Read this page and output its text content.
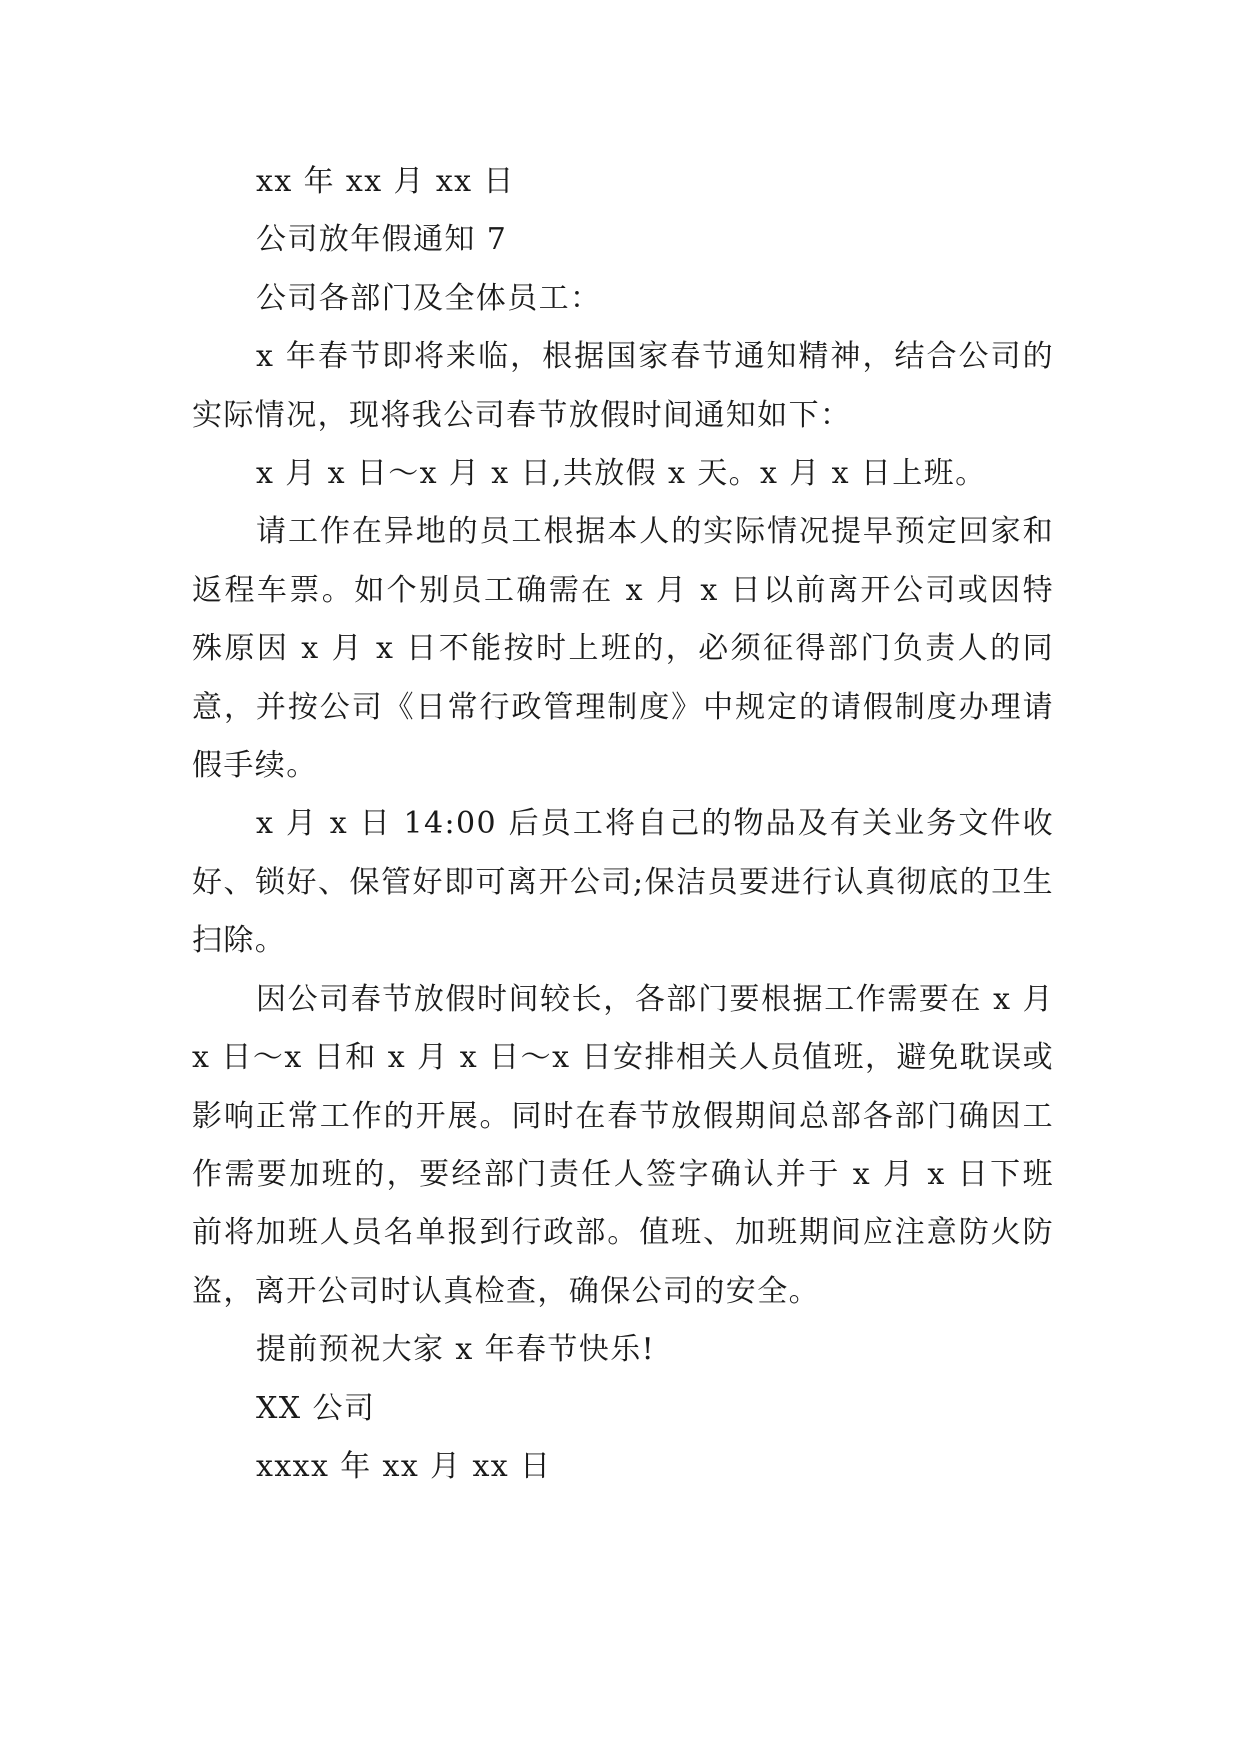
xx 年 xx 月 xx 日

公司放年假通知 7

公司各部门及全体员工：

x 年春节即将来临，根据国家春节通知精神，结合公司的实际情况，现将我公司春节放假时间通知如下：

x 月 x 日～x 月 x 日,共放假 x 天。x 月 x 日上班。

请工作在异地的员工根据本人的实际情况提早预定回家和返程车票。如个别员工确需在 x 月 x 日以前离开公司或因特殊原因 x 月 x 日不能按时上班的，必须征得部门负责人的同意，并按公司《日常行政管理制度》中规定的请假制度办理请假手续。

x 月 x 日 14:00 后员工将自己的物品及有关业务文件收好、锁好、保管好即可离开公司;保洁员要进行认真彻底的卫生扫除。

因公司春节放假时间较长，各部门要根据工作需要在 x 月 x 日～x 日和 x 月 x 日～x 日安排相关人员值班，避免耽误或影响正常工作的开展。同时在春节放假期间总部各部门确因工作需要加班的，要经部门责任人签字确认并于 x 月 x 日下班前将加班人员名单报到行政部。值班、加班期间应注意防火防盗，离开公司时认真检查，确保公司的安全。

提前预祝大家 x 年春节快乐!

XX 公司

xxxx 年 xx 月 xx 日
